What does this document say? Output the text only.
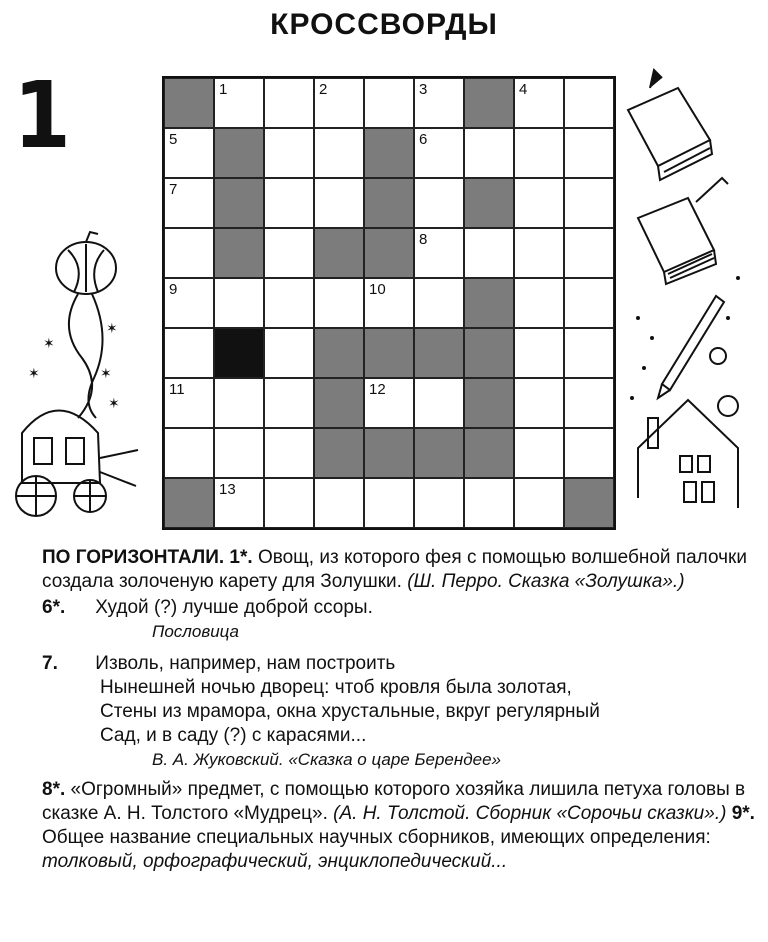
КРОССВОРДЫ
1
✶
✶
✶
✶
✶
1	2	3	4
5	6
7
8
9	10
11	12
13

ПО ГОРИЗОНТАЛИ. 1*. Овощ, из которого фея с помощью волшебной палочки создала золоченую карету для Золушки. (Ш. Перро. Сказка «Золушка».)

6*. Худой (?) лучше доброй ссоры.

Пословица

7. Изволь, например, нам построить

Нынешней ночью дворец: чтоб кровля была золотая,

Стены из мрамора, окна хрустальные, вкруг регулярный

Сад, и в саду (?) с карасями...

В. А. Жуковский. «Сказка о царе Берендее»

8*. «Огромный» предмет, с помощью которого хозяйка лишила петуха головы в сказке А. Н. Толстого «Мудрец». (А. Н. Толстой. Сборник «Сорочьи сказки».) 9*. Общее название специальных научных сборников, имеющих определения: толковый, орфографический, энциклопедический...
